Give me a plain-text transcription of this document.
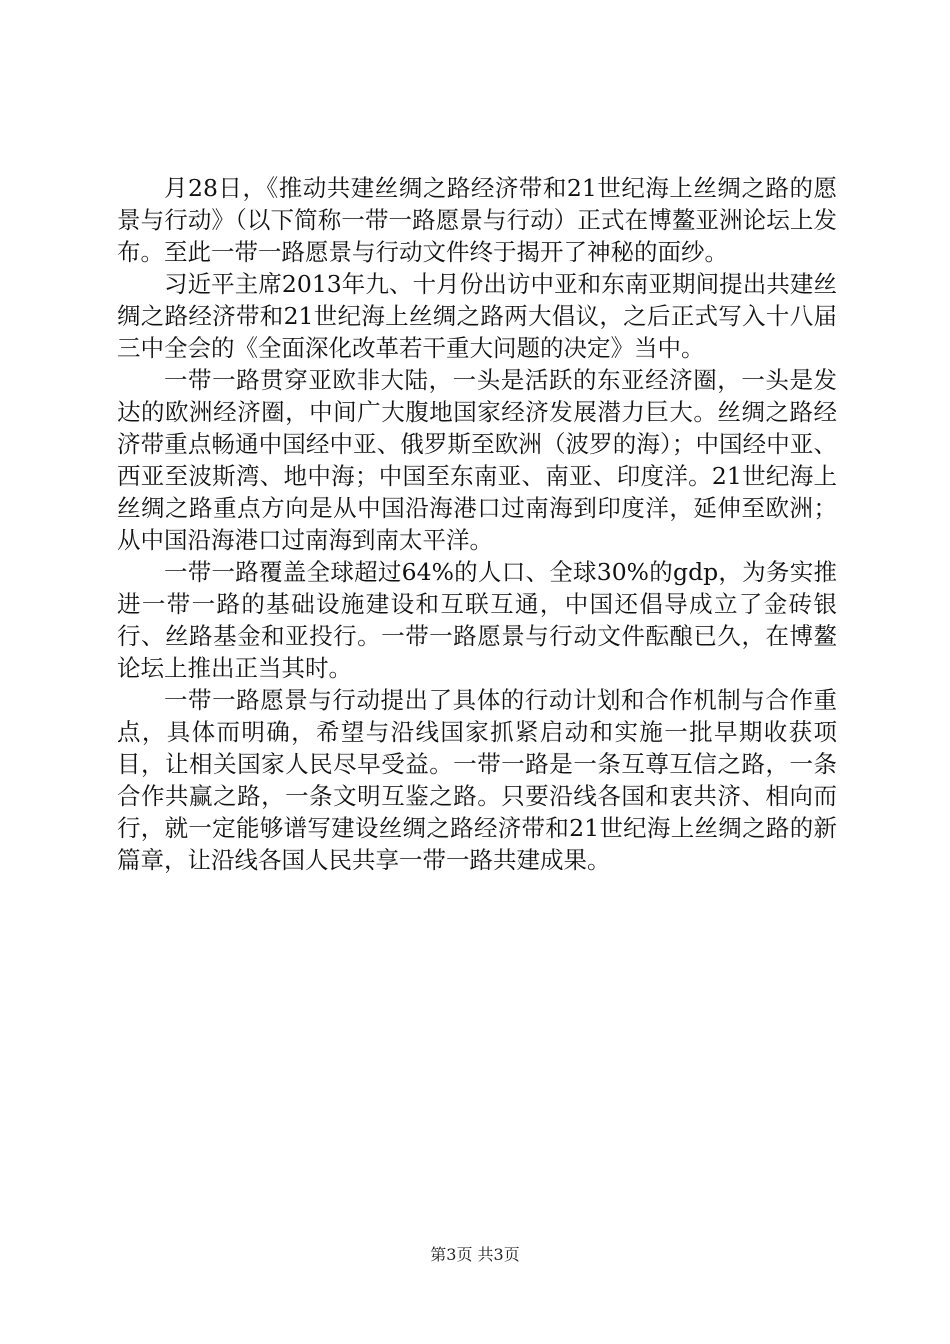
月28日，《推动共建丝绸之路经济带和21世纪海上丝绸之路的愿景与行动》（以下简称一带一路愿景与行动）正式在博鳌亚洲论坛上发布。至此一带一路愿景与行动文件终于揭开了神秘的面纱。

习近平主席2013年九、十月份出访中亚和东南亚期间提出共建丝绸之路经济带和21世纪海上丝绸之路两大倡议，之后正式写入十八届三中全会的《全面深化改革若干重大问题的决定》当中。

一带一路贯穿亚欧非大陆，一头是活跃的东亚经济圈，一头是发达的欧洲经济圈，中间广大腹地国家经济发展潜力巨大。丝绸之路经济带重点畅通中国经中亚、俄罗斯至欧洲（波罗的海）；中国经中亚、西亚至波斯湾、地中海；中国至东南亚、南亚、印度洋。21世纪海上丝绸之路重点方向是从中国沿海港口过南海到印度洋，延伸至欧洲；从中国沿海港口过南海到南太平洋。

一带一路覆盖全球超过64%的人口、全球30%的gdp，为务实推进一带一路的基础设施建设和互联互通，中国还倡导成立了金砖银行、丝路基金和亚投行。一带一路愿景与行动文件酝酿已久，在博鳌论坛上推出正当其时。

一带一路愿景与行动提出了具体的行动计划和合作机制与合作重点，具体而明确，希望与沿线国家抓紧启动和实施一批早期收获项目，让相关国家人民尽早受益。一带一路是一条互尊互信之路，一条合作共赢之路，一条文明互鉴之路。只要沿线各国和衷共济、相向而行，就一定能够谱写建设丝绸之路经济带和21世纪海上丝绸之路的新篇章，让沿线各国人民共享一带一路共建成果。

第3页 共3页
